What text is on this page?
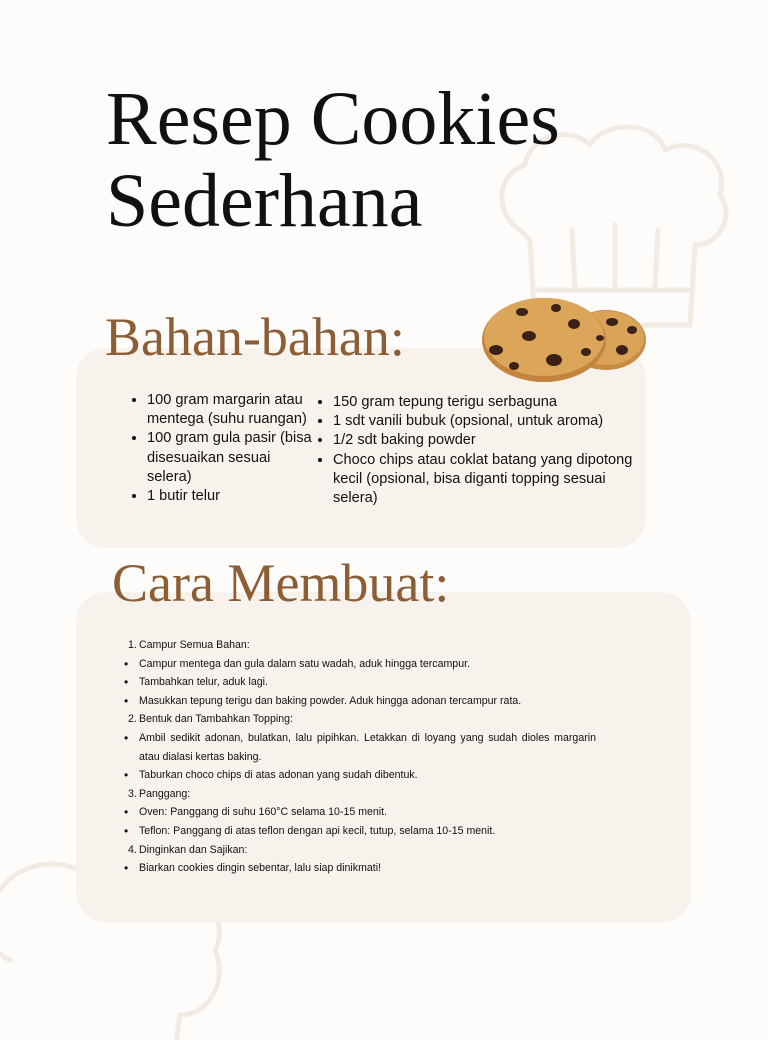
Resep Cookies Sederhana
Bahan-bahan:
• 100 gram margarin atau mentega (suhu ruangan)
• 100 gram gula pasir (bisa disesuaikan sesuai selera)
• 1 butir telur
• 150 gram tepung terigu serbaguna
• 1 sdt vanili bubuk (opsional, untuk aroma)
• 1/2 sdt baking powder
• Choco chips atau coklat batang yang dipotong kecil (opsional, bisa diganti topping sesuai selera)
Cara Membuat:
1. Campur Semua Bahan:
• Campur mentega dan gula dalam satu wadah, aduk hingga tercampur.
• Tambahkan telur, aduk lagi.
• Masukkan tepung terigu dan baking powder. Aduk hingga adonan tercampur rata.
2. Bentuk dan Tambahkan Topping:
• Ambil sedikit adonan, bulatkan, lalu pipihkan. Letakkan di loyang yang sudah dioles margarin atau dialasi kertas baking.
• Taburkan choco chips di atas adonan yang sudah dibentuk.
3. Panggang:
• Oven: Panggang di suhu 160°C selama 10-15 menit.
• Teflon: Panggang di atas teflon dengan api kecil, tutup, selama 10-15 menit.
4. Dinginkan dan Sajikan:
• Biarkan cookies dingin sebentar, lalu siap dinikmati!
